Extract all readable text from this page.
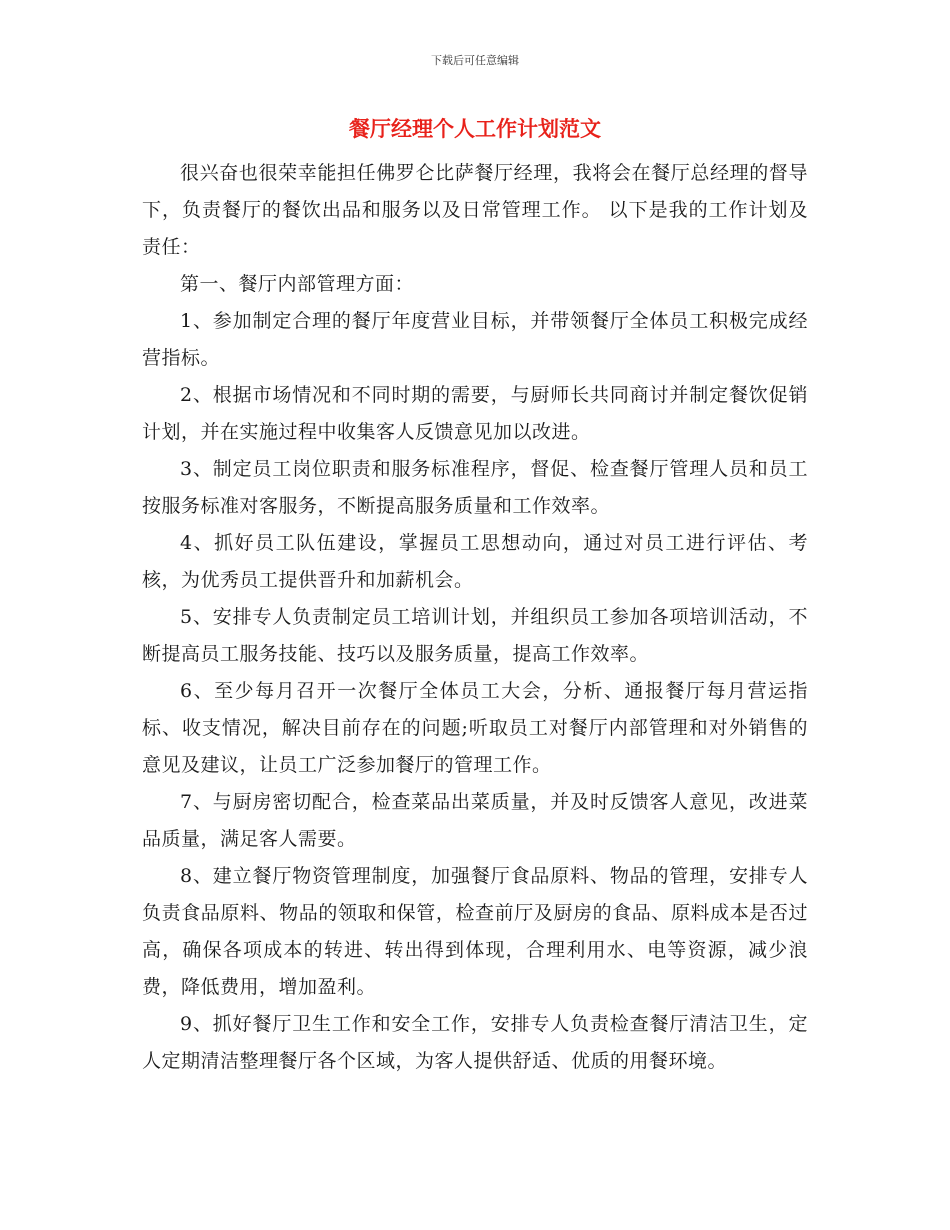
下载后可任意编辑
餐厅经理个人工作计划范文

很兴奋也很荣幸能担任佛罗仑比萨餐厅经理，我将会在餐厅总经理的督导下，负责餐厅的餐饮出品和服务以及日常管理工作。 以下是我的工作计划及责任：

第一、餐厅内部管理方面：

1、参加制定合理的餐厅年度营业目标，并带领餐厅全体员工积极完成经营指标。

2、根据市场情况和不同时期的需要，与厨师长共同商讨并制定餐饮促销计划，并在实施过程中收集客人反馈意见加以改进。

3、制定员工岗位职责和服务标准程序，督促、检查餐厅管理人员和员工按服务标准对客服务，不断提高服务质量和工作效率。

4、抓好员工队伍建设，掌握员工思想动向，通过对员工进行评估、考核，为优秀员工提供晋升和加薪机会。

5、安排专人负责制定员工培训计划，并组织员工参加各项培训活动，不断提高员工服务技能、技巧以及服务质量，提高工作效率。

6、至少每月召开一次餐厅全体员工大会，分析、通报餐厅每月营运指标、收支情况，解决目前存在的问题;听取员工对餐厅内部管理和对外销售的意见及建议，让员工广泛参加餐厅的管理工作。

7、与厨房密切配合，检查菜品出菜质量，并及时反馈客人意见，改进菜品质量，满足客人需要。

8、建立餐厅物资管理制度，加强餐厅食品原料、物品的管理，安排专人负责食品原料、物品的领取和保管，检查前厅及厨房的食品、原料成本是否过高，确保各项成本的转进、转出得到体现，合理利用水、电等资源，减少浪费，降低费用，增加盈利。

9、抓好餐厅卫生工作和安全工作，安排专人负责检查餐厅清洁卫生，定人定期清洁整理餐厅各个区域，为客人提供舒适、优质的用餐环境。
